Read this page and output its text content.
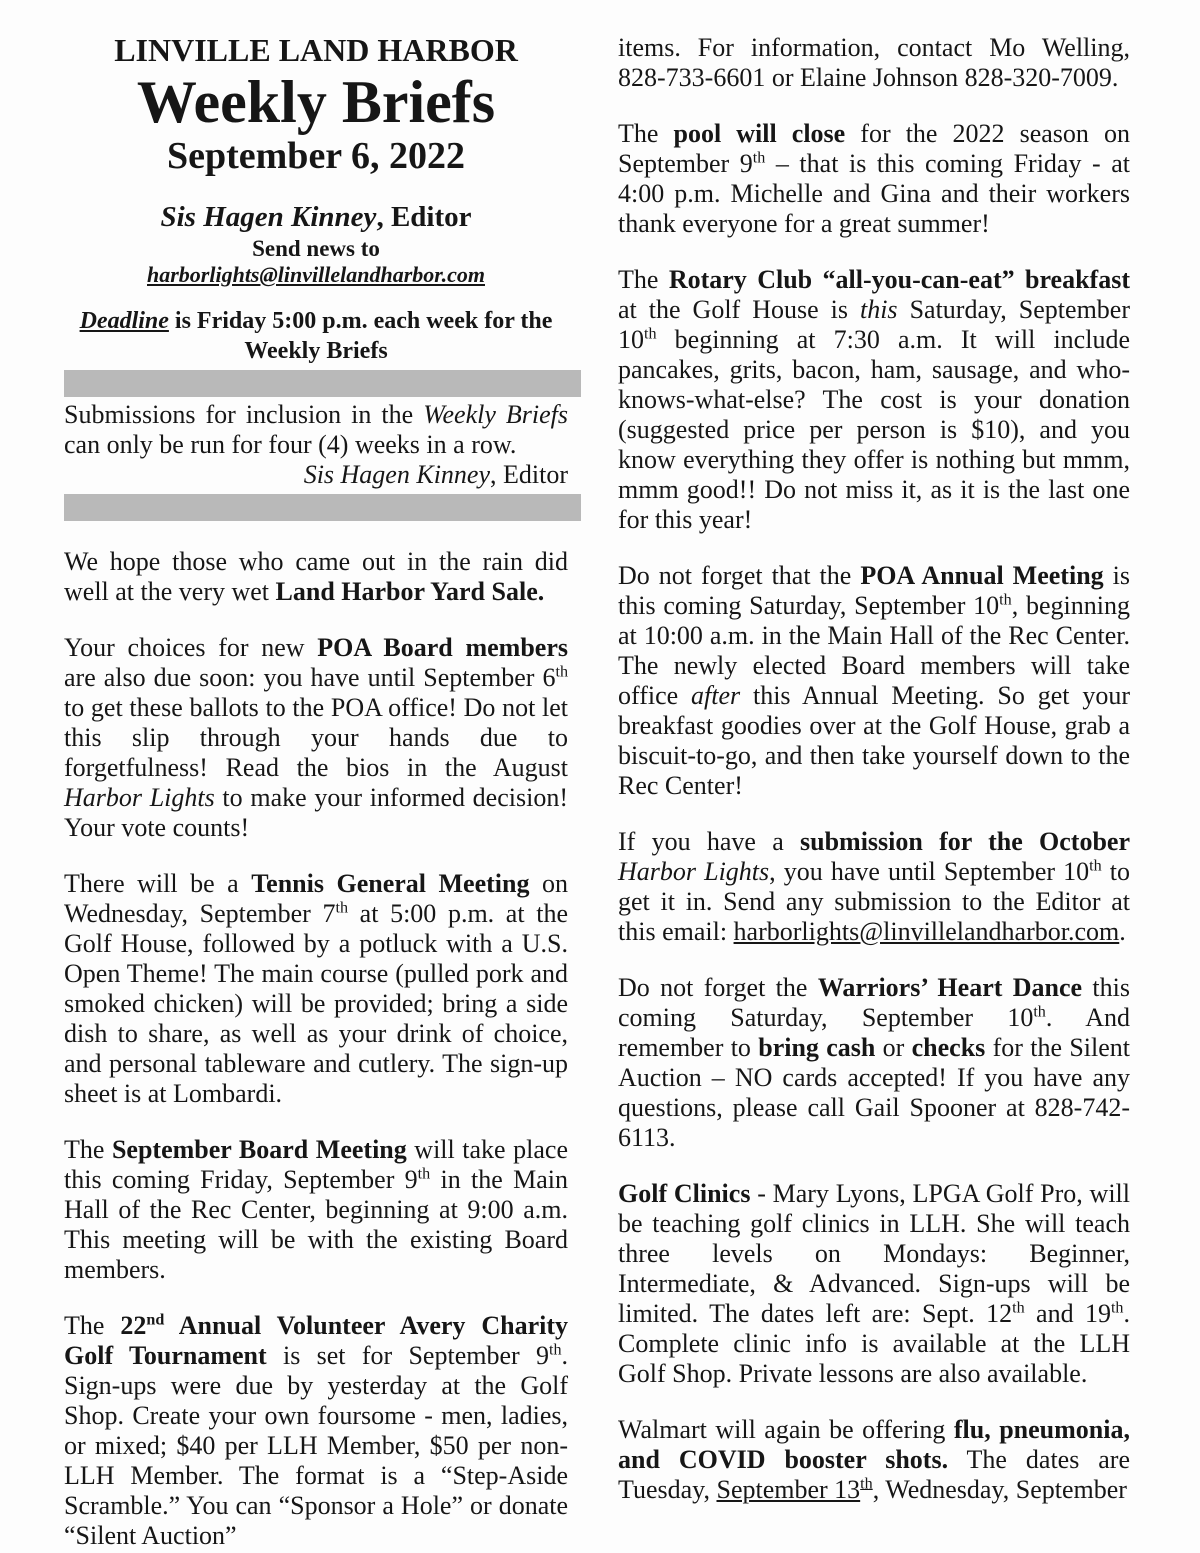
LINVILLE LAND HARBOR
Weekly Briefs
September 6, 2022
Sis Hagen Kinney, Editor
Send news to
harborlights@linvillelandharbor.com
Deadline is Friday 5:00 p.m. each week for the Weekly Briefs
Submissions for inclusion in the Weekly Briefs can only be run for four (4) weeks in a row.
Sis Hagen Kinney, Editor

We hope those who came out in the rain did well at the very wet Land Harbor Yard Sale.

Your choices for new POA Board members are also due soon: you have until September 6th to get these ballots to the POA office! Do not let this slip through your hands due to forgetfulness! Read the bios in the August Harbor Lights to make your informed decision! Your vote counts!

There will be a Tennis General Meeting on Wednesday, September 7th at 5:00 p.m. at the Golf House, followed by a potluck with a U.S. Open Theme! The main course (pulled pork and smoked chicken) will be provided; bring a side dish to share, as well as your drink of choice, and personal tableware and cutlery. The sign-up sheet is at Lombardi.

The September Board Meeting will take place this coming Friday, September 9th in the Main Hall of the Rec Center, beginning at 9:00 a.m. This meeting will be with the existing Board members.

The 22nd Annual Volunteer Avery Charity Golf Tournament is set for September 9th. Sign-ups were due by yesterday at the Golf Shop. Create your own foursome - men, ladies, or mixed; $40 per LLH Member, $50 per non-LLH Member. The format is a “Step-Aside Scramble.” You can “Sponsor a Hole” or donate “Silent Auction”

items. For information, contact Mo Welling, 828-733-6601 or Elaine Johnson 828-320-7009.

The pool will close for the 2022 season on September 9th – that is this coming Friday - at 4:00 p.m. Michelle and Gina and their workers thank everyone for a great summer!

The Rotary Club “all-you-can-eat” breakfast at the Golf House is this Saturday, September 10th beginning at 7:30 a.m. It will include pancakes, grits, bacon, ham, sausage, and who-knows-what-else? The cost is your donation (suggested price per person is $10), and you know everything they offer is nothing but mmm, mmm good!! Do not miss it, as it is the last one for this year!

Do not forget that the POA Annual Meeting is this coming Saturday, September 10th, beginning at 10:00 a.m. in the Main Hall of the Rec Center. The newly elected Board members will take office after this Annual Meeting. So get your breakfast goodies over at the Golf House, grab a biscuit-to-go, and then take yourself down to the Rec Center!

If you have a submission for the October Harbor Lights, you have until September 10th to get it in. Send any submission to the Editor at this email: harborlights@linvillelandharbor.com.

Do not forget the Warriors’ Heart Dance this coming Saturday, September 10th. And remember to bring cash or checks for the Silent Auction – NO cards accepted! If you have any questions, please call Gail Spooner at 828-742-6113.

Golf Clinics - Mary Lyons, LPGA Golf Pro, will be teaching golf clinics in LLH. She will teach three levels on Mondays: Beginner, Intermediate, & Advanced. Sign-ups will be limited. The dates left are: Sept. 12th and 19th. Complete clinic info is available at the LLH Golf Shop. Private lessons are also available.

Walmart will again be offering flu, pneumonia, and COVID booster shots. The dates are Tuesday, September 13th, Wednesday, September
